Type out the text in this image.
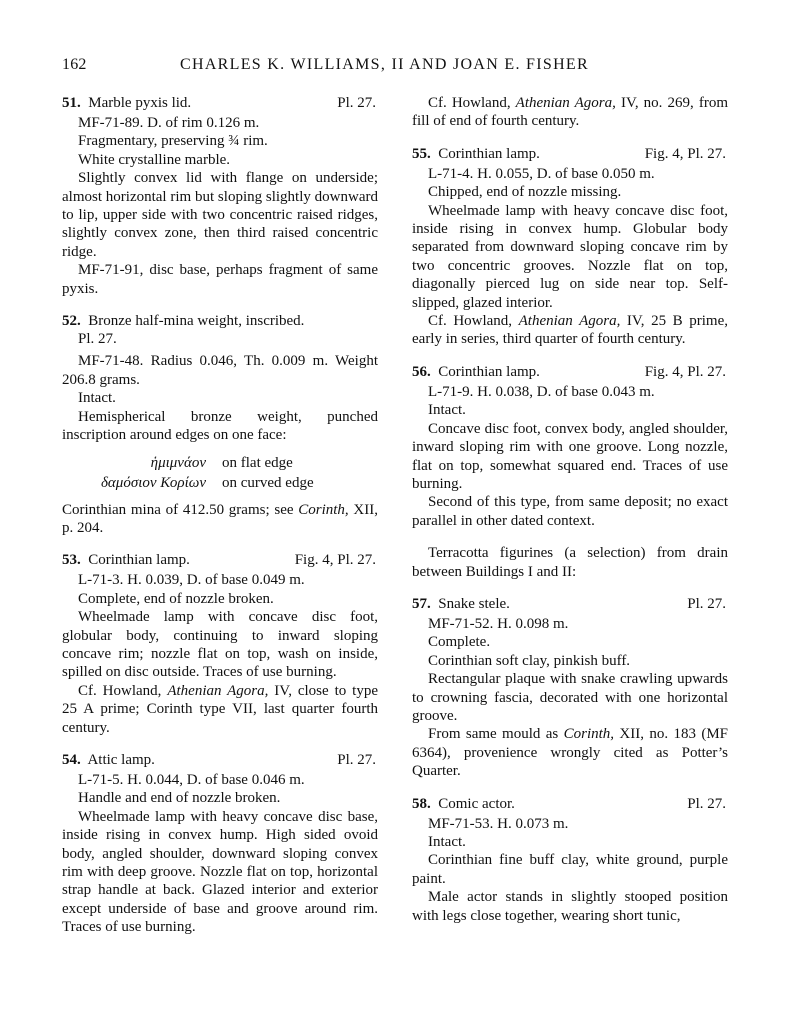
162	CHARLES K. WILLIAMS, II AND JOAN E. FISHER
51. Marble pyxis lid.	Pl. 27.

MF-71-89. D. of rim 0.126 m.

Fragmentary, preserving ¾ rim.

White crystalline marble.

Slightly convex lid with flange on underside; almost horizontal rim but sloping slightly downward to lip, upper side with two concentric raised ridges, slightly convex zone, then third raised concentric ridge.

MF-71-91, disc base, perhaps fragment of same pyxis.

52. Bronze half-mina weight, inscribed.

Pl. 27.

MF-71-48. Radius 0.046, Th. 0.009 m. Weight 206.8 grams.

Intact.

Hemispherical bronze weight, punched inscription around edges on one face:

ἡμιμνάον	on flat edge
δαμόσιον Κορίων	on curved edge

Corinthian mina of 412.50 grams; see Corinth, XII, p. 204.

53. Corinthian lamp.	Fig. 4, Pl. 27.

L-71-3. H. 0.039, D. of base 0.049 m.

Complete, end of nozzle broken.

Wheelmade lamp with concave disc foot, globular body, continuing to inward sloping concave rim; nozzle flat on top, wash on inside, spilled on disc outside. Traces of use burning.

Cf. Howland, Athenian Agora, IV, close to type 25 A prime; Corinth type VII, last quarter fourth century.

54. Attic lamp.	Pl. 27.

L-71-5. H. 0.044, D. of base 0.046 m.

Handle and end of nozzle broken.

Wheelmade lamp with heavy concave disc base, inside rising in convex hump. High sided ovoid body, angled shoulder, downward sloping convex rim with deep groove. Nozzle flat on top, horizontal strap handle at back. Glazed interior and exterior except underside of base and groove around rim. Traces of use burning.

Cf. Howland, Athenian Agora, IV, no. 269, from fill of end of fourth century.

55. Corinthian lamp.	Fig. 4, Pl. 27.

L-71-4. H. 0.055, D. of base 0.050 m.

Chipped, end of nozzle missing.

Wheelmade lamp with heavy concave disc foot, inside rising in convex hump. Globular body separated from downward sloping concave rim by two concentric grooves. Nozzle flat on top, diagonally pierced lug on side near top. Self-slipped, glazed interior.

Cf. Howland, Athenian Agora, IV, 25 B prime, early in series, third quarter of fourth century.

56. Corinthian lamp.	Fig. 4, Pl. 27.

L-71-9. H. 0.038, D. of base 0.043 m.

Intact.

Concave disc foot, convex body, angled shoulder, inward sloping rim with one groove. Long nozzle, flat on top, somewhat squared end. Traces of use burning.

Second of this type, from same deposit; no exact parallel in other dated context.

Terracotta figurines (a selection) from drain between Buildings I and II:

57. Snake stele.	Pl. 27.

MF-71-52. H. 0.098 m.

Complete.

Corinthian soft clay, pinkish buff.

Rectangular plaque with snake crawling upwards to crowning fascia, decorated with one horizontal groove.

From same mould as Corinth, XII, no. 183 (MF 6364), provenience wrongly cited as Potter’s Quarter.

58. Comic actor.	Pl. 27.

MF-71-53. H. 0.073 m.

Intact.

Corinthian fine buff clay, white ground, purple paint.

Male actor stands in slightly stooped position with legs close together, wearing short tunic,
